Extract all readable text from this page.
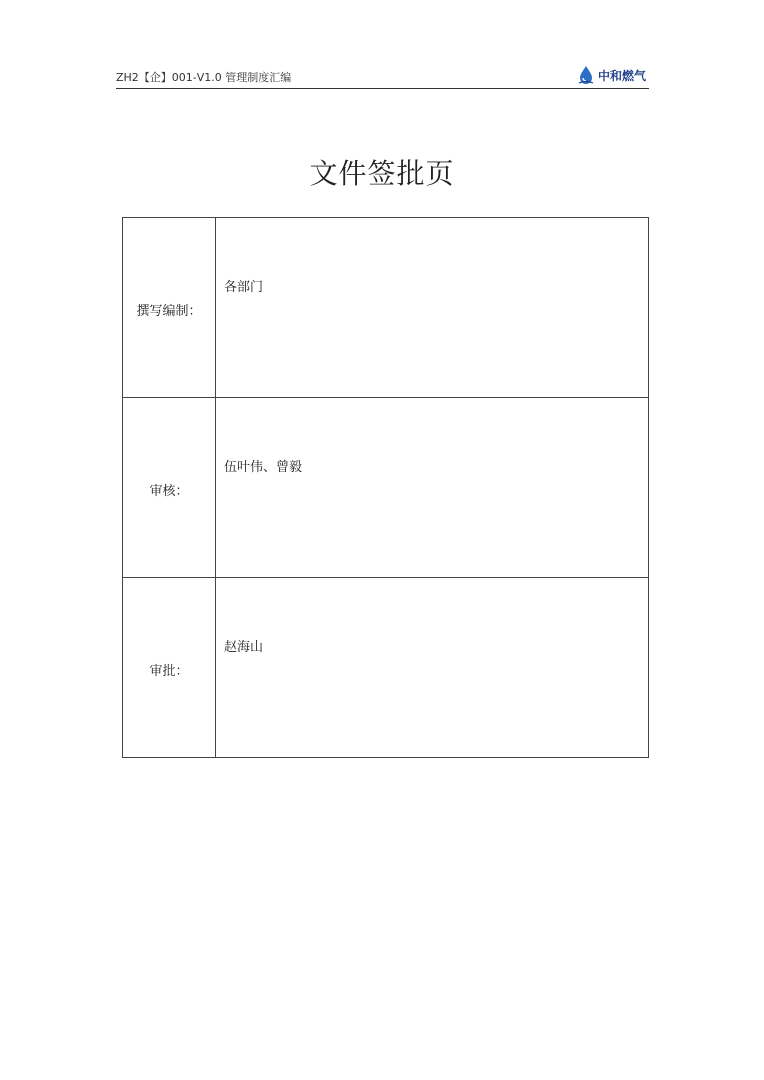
ZH2【企】001-V1.0 管理制度汇编	中和燃气
文件签批页
撰写编制：	各部门

审核：	伍叶伟、曾毅

审批：	赵海山
